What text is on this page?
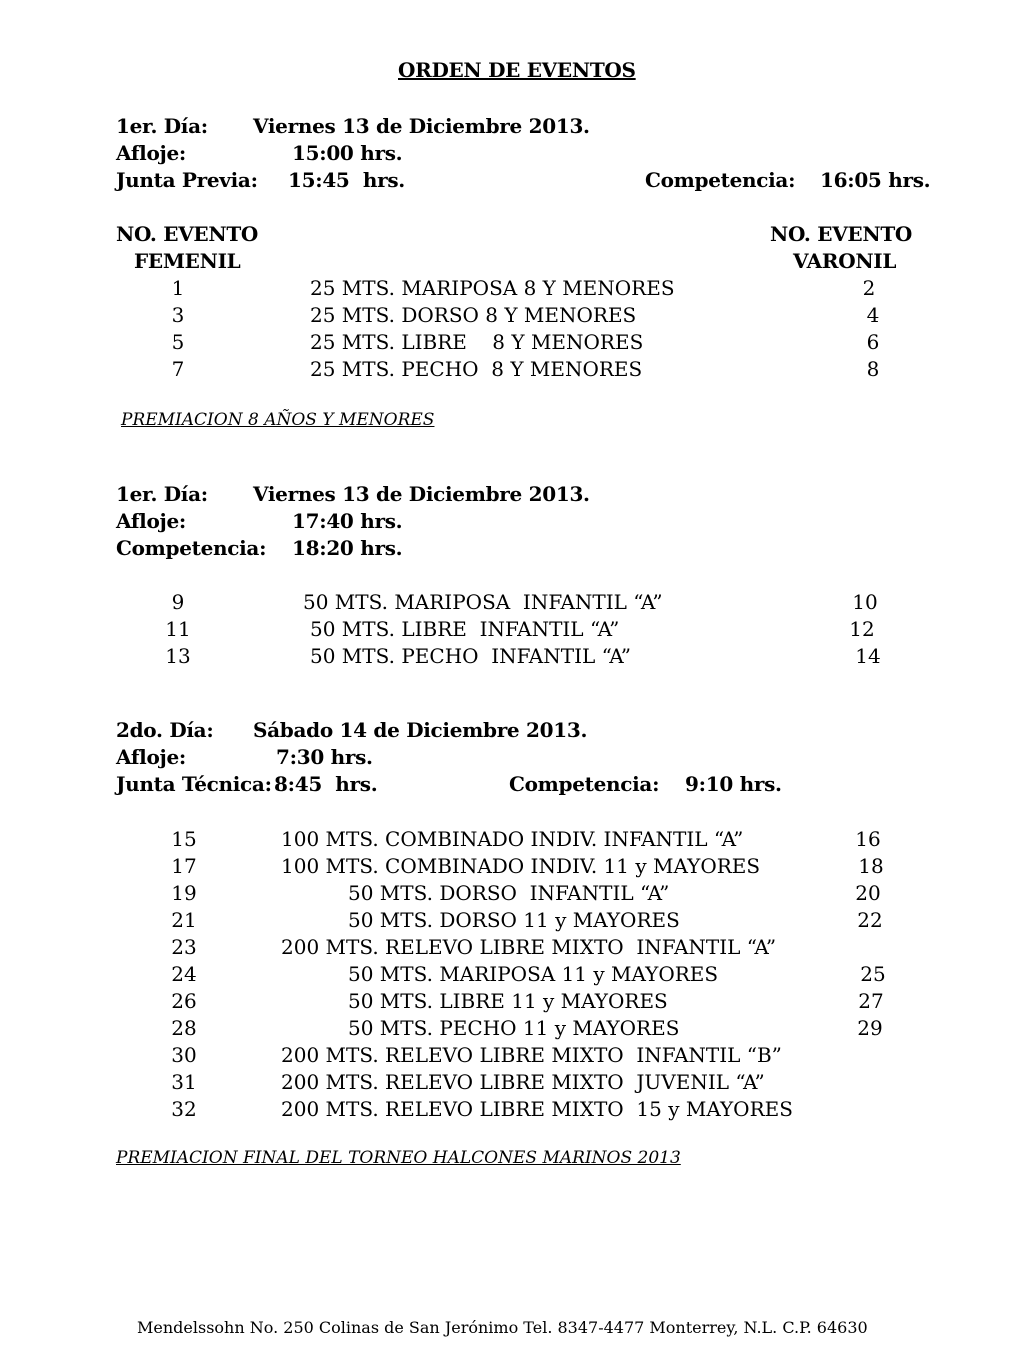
ORDEN DE EVENTOS
1er. Día: Viernes 13 de Diciembre 2013.
Afloje:	15:00 hrs.
Junta Previa: 15:45  hrs.	Competencia: 16:05 hrs.
NO. EVENTO
FEMENIL
NO. EVENTO
VARONIL
1	25 MTS. MARIPOSA 8 Y MENORES	2
3	25 MTS. DORSO 8 Y MENORES	4
5	25 MTS. LIBRE    8 Y MENORES	6
7	25 MTS. PECHO  8 Y MENORES	8
PREMIACION 8 AÑOS Y MENORES
1er. Día: Viernes 13 de Diciembre 2013.
Afloje:	17:40 hrs.
Competencia: 18:20 hrs.
9	50 MTS. MARIPOSA  INFANTIL “A”	10
11	50 MTS. LIBRE  INFANTIL “A”	12
13	50 MTS. PECHO  INFANTIL “A”	14
2do. Día: Sábado 14 de Diciembre 2013.
Afloje:	7:30 hrs.
Junta Técnica: 8:45  hrs.	Competencia: 9:10 hrs.
15	100 MTS. COMBINADO INDIV. INFANTIL “A”	16
17	100 MTS. COMBINADO INDIV. 11 y MAYORES	18
19	50 MTS. DORSO  INFANTIL “A”	20
21	50 MTS. DORSO 11 y MAYORES	22
23	200 MTS. RELEVO LIBRE MIXTO  INFANTIL “A”
24	50 MTS. MARIPOSA 11 y MAYORES	25
26	50 MTS. LIBRE 11 y MAYORES	27
28	50 MTS. PECHO 11 y MAYORES	29
30	200 MTS. RELEVO LIBRE MIXTO  INFANTIL “B”
31	200 MTS. RELEVO LIBRE MIXTO  JUVENIL “A”
32	200 MTS. RELEVO LIBRE MIXTO  15 y MAYORES
PREMIACION FINAL DEL TORNEO HALCONES MARINOS 2013
Mendelssohn No. 250 Colinas de San Jerónimo Tel. 8347-4477 Monterrey, N.L. C.P. 64630
